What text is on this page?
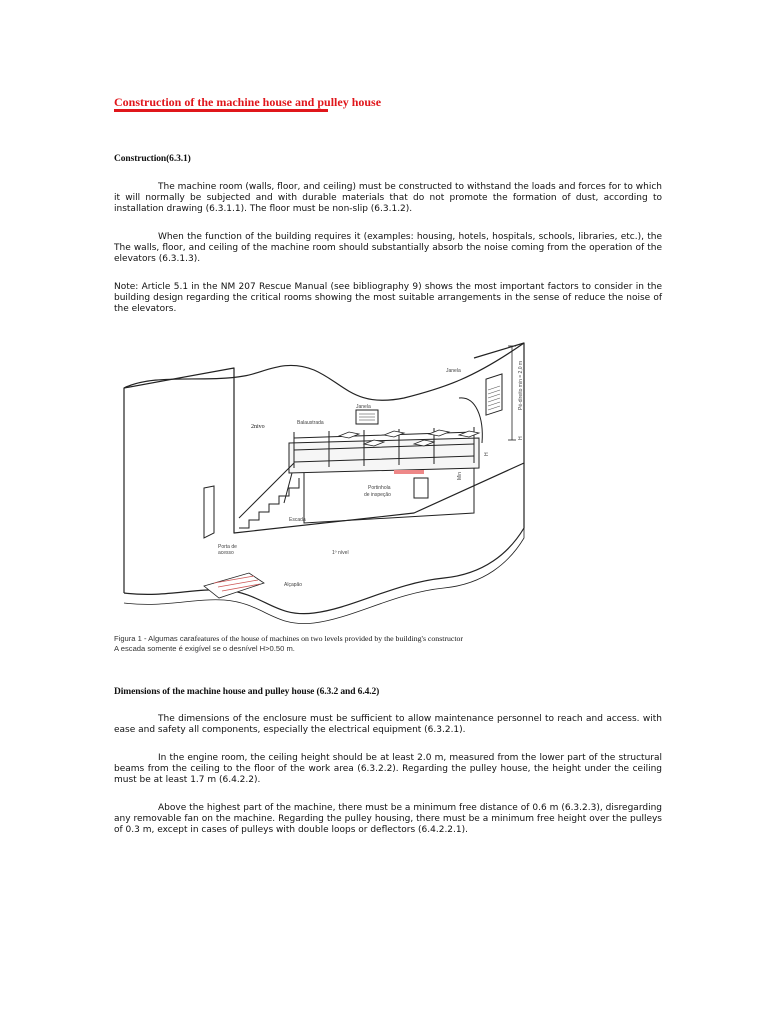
Construction of the machine house and pulley house
Construction(6.3.1)

The machine room (walls, floor, and ceiling) must be constructed to withstand the loads and forces for to which it will normally be subjected and with durable materials that do not promote the formation of dust, according to installation drawing (6.3.1.1). The floor must be non-slip (6.3.1.2).

When the function of the building requires it (examples: housing, hotels, hospitals, schools, libraries, etc.), the The walls, floor, and ceiling of the machine room should substantially absorb the noise coming from the operation of the elevators (6.3.1.3).

Note: Article 5.1 in the NM 207 Rescue Manual (see bibliography 9) shows the most important factors to consider in the building design regarding the critical rooms showing the most suitable arrangements in the sense of reduce the noise of the elevators.

Janela
Janela
Balaustrada
2nivo
Escada
Portinhola
de inspeção
Porta de
acesso	1º nível
Alçapão
Pé-direito min = 2,0 m
H
H
Min
Figura 1 - Algumas carafeatures of the house of machines on two levels provided by the building's constructor
A escada somente é exigível se o desnível H>0.50 m.
Dimensions of the machine house and pulley house (6.3.2 and 6.4.2)

The dimensions of the enclosure must be sufficient to allow maintenance personnel to reach and access. with ease and safety all components, especially the electrical equipment (6.3.2.1).

In the engine room, the ceiling height should be at least 2.0 m, measured from the lower part of the structural beams from the ceiling to the floor of the work area (6.3.2.2). Regarding the pulley house, the height under the ceiling must be at least 1.7 m (6.4.2.2).

Above the highest part of the machine, there must be a minimum free distance of 0.6 m (6.3.2.3), disregarding any removable fan on the machine. Regarding the pulley housing, there must be a minimum free height over the pulleys of 0.3 m, except in cases of pulleys with double loops or deflectors (6.4.2.2.1).
